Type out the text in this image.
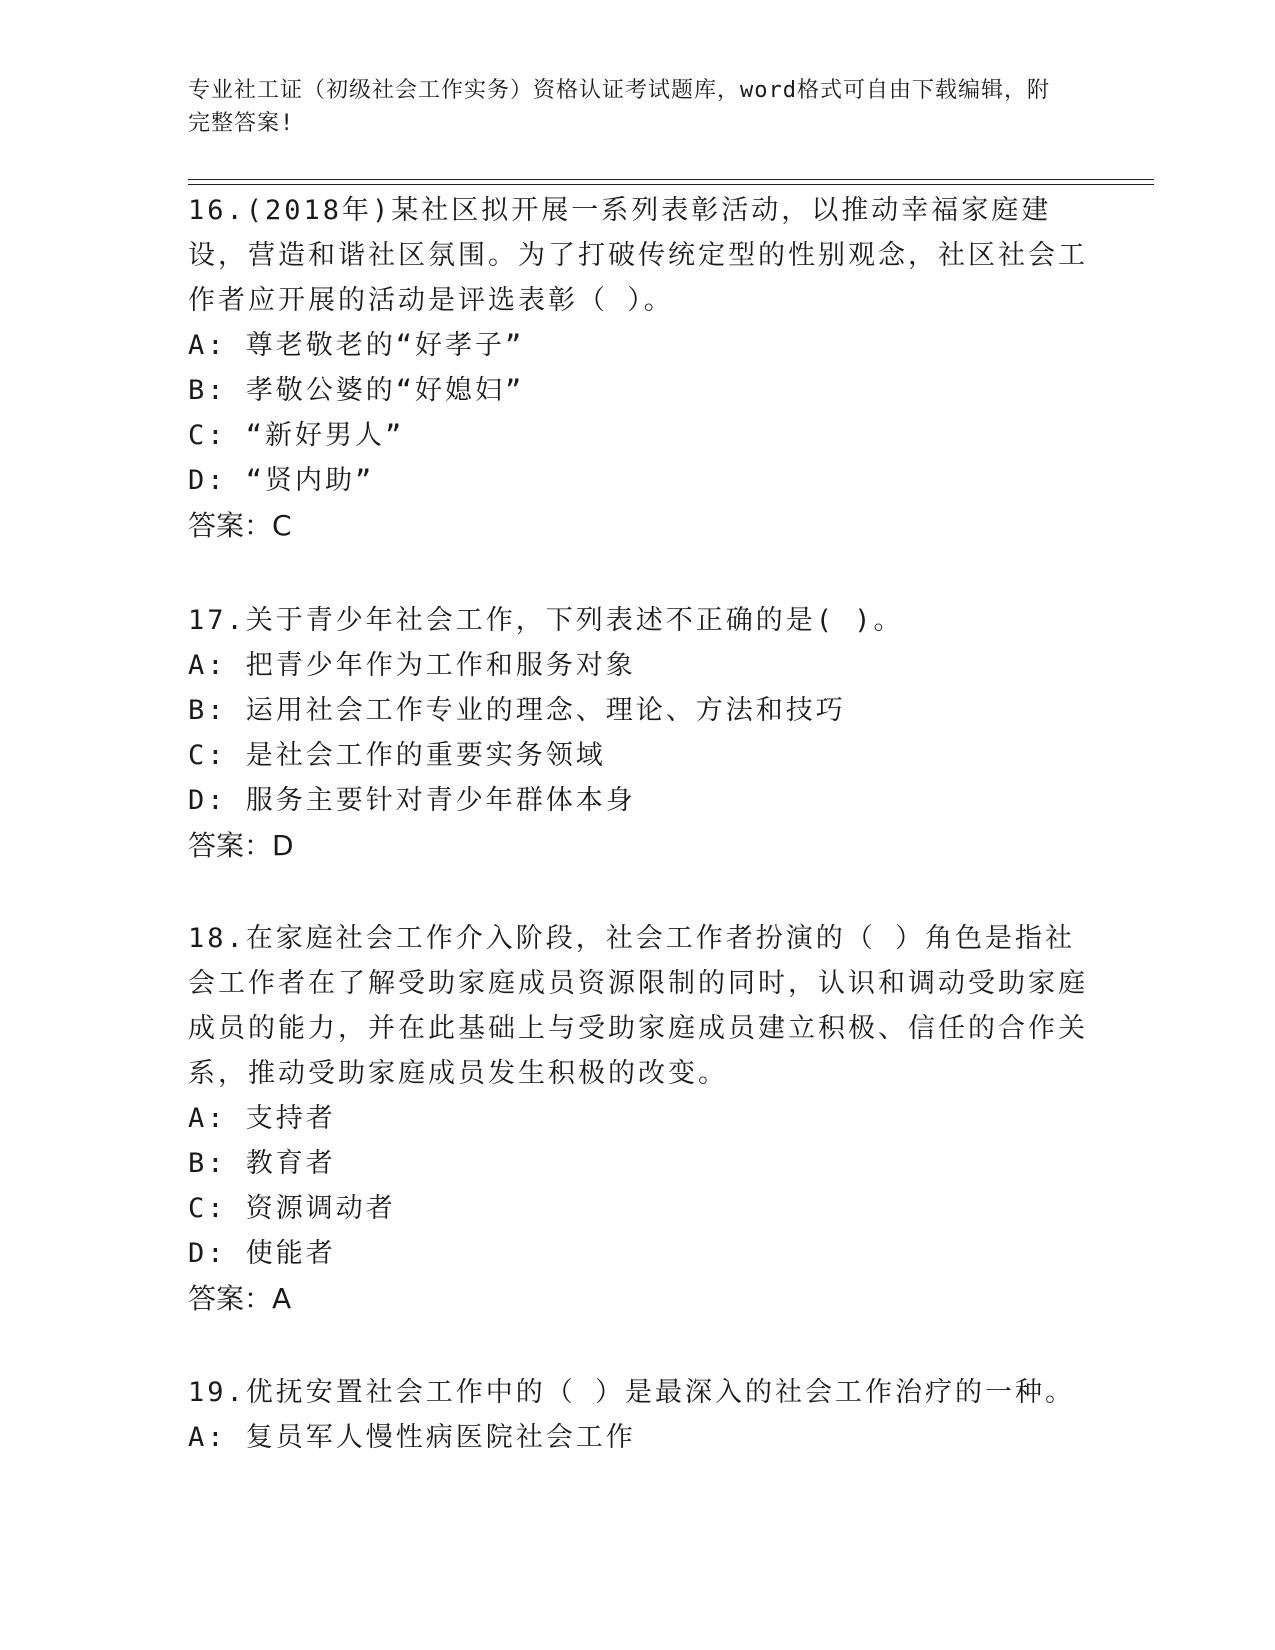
专业社工证（初级社会工作实务）资格认证考试题库，word格式可自由下载编辑，附完整答案!
16.(2018年)某社区拟开展一系列表彰活动，以推动幸福家庭建设，营造和谐社区氛围。为了打破传统定型的性别观念，社区社会工作者应开展的活动是评选表彰（ ）。
A: 尊老敬老的“好孝子”
B: 孝敬公婆的“好媳妇”
C: “新好男人”
D: “贤内助”
答案：C
17.关于青少年社会工作，下列表述不正确的是( )。
A: 把青少年作为工作和服务对象
B: 运用社会工作专业的理念、理论、方法和技巧
C: 是社会工作的重要实务领域
D: 服务主要针对青少年群体本身
答案：D
18.在家庭社会工作介入阶段，社会工作者扮演的（ ）角色是指社会工作者在了解受助家庭成员资源限制的同时，认识和调动受助家庭成员的能力，并在此基础上与受助家庭成员建立积极、信任的合作关系，推动受助家庭成员发生积极的改变。
A: 支持者
B: 教育者
C: 资源调动者
D: 使能者
答案：A
19.优抚安置社会工作中的（ ）是最深入的社会工作治疗的一种。
A: 复员军人慢性病医院社会工作
